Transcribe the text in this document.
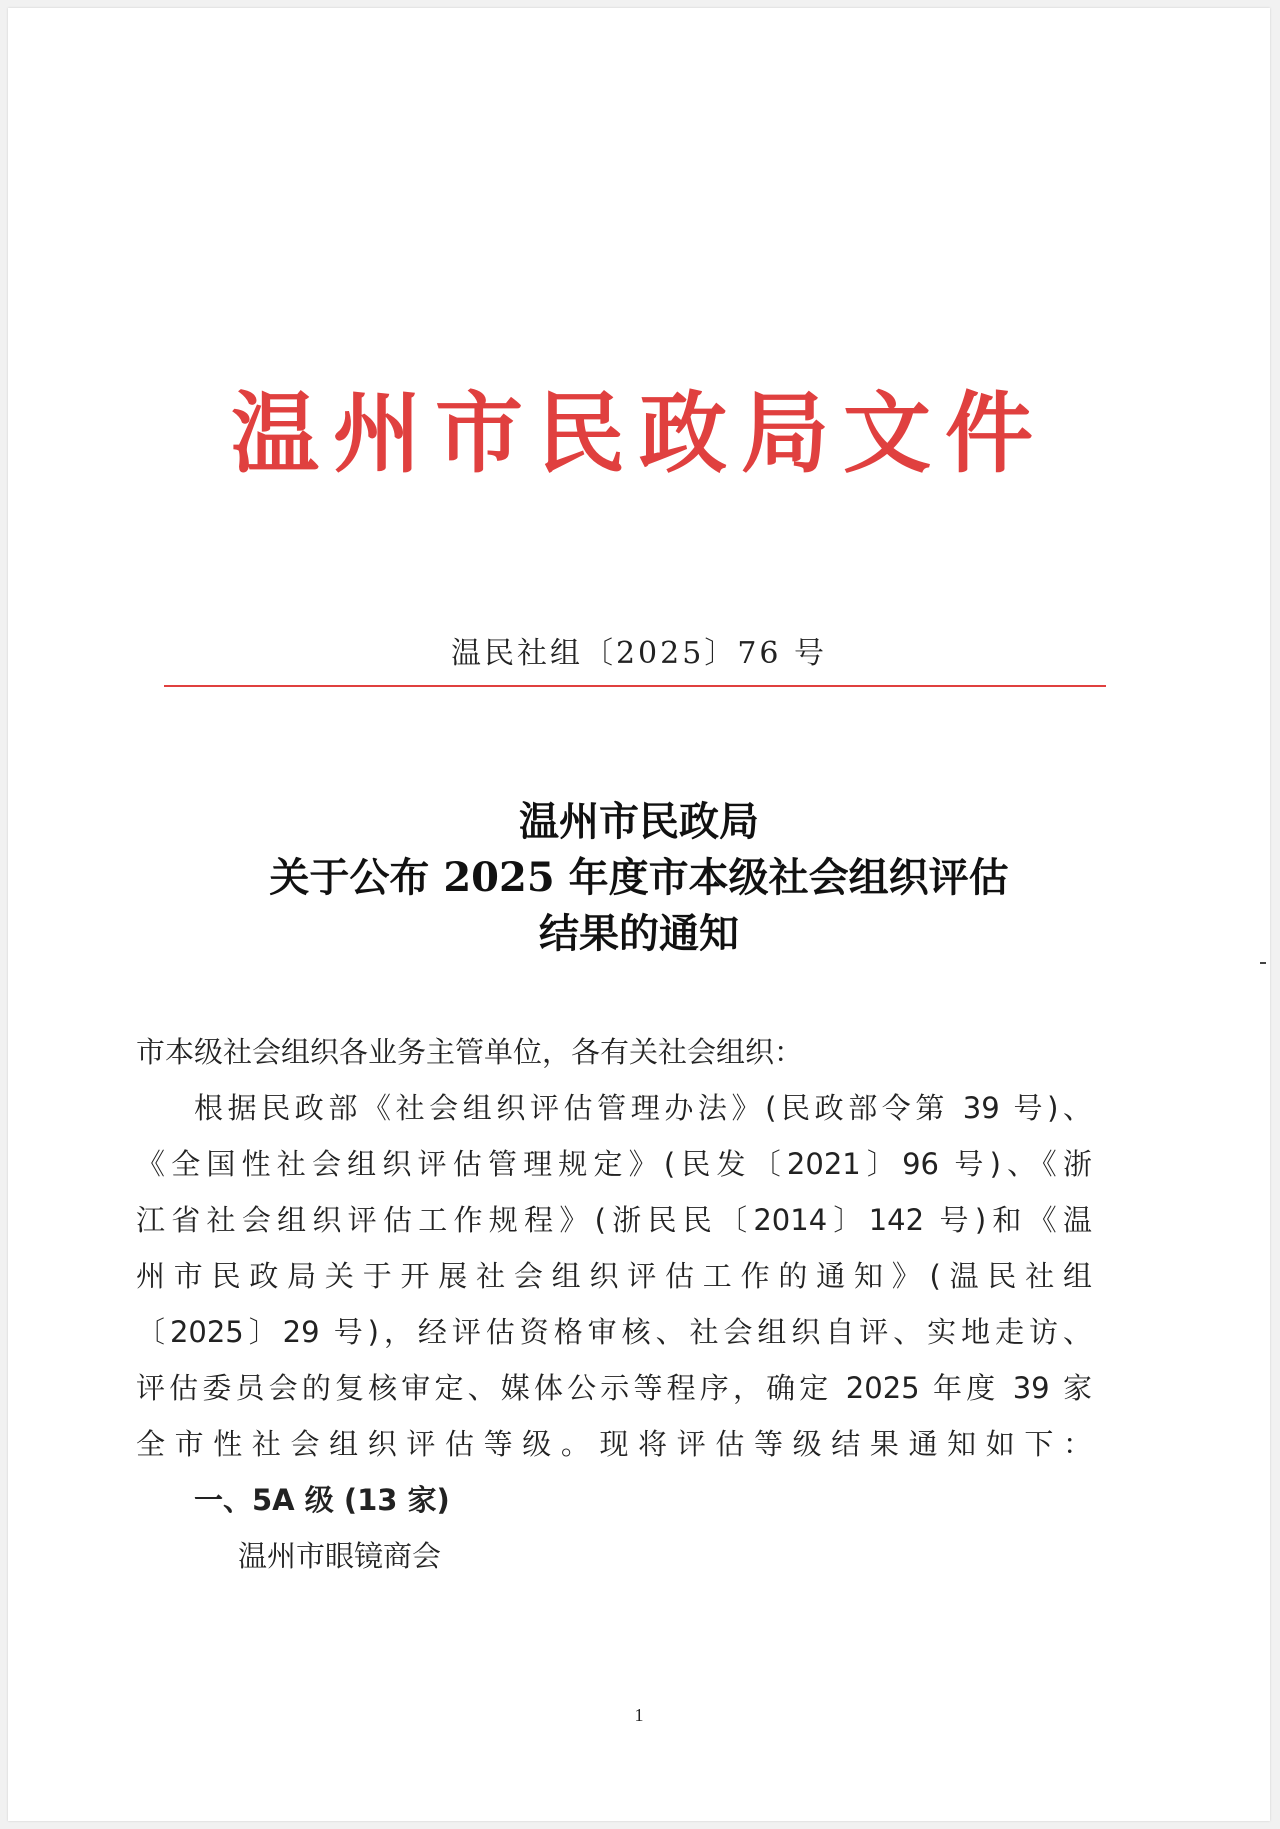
温州市民政局文件
温民社组〔2025〕76 号
温州市民政局
关于公布 2025 年度市本级社会组织评估
结果的通知
市本级社会组织各业务主管单位，各有关社会组织：
根据民政部《社会组织评估管理办法》(民政部令第 39 号)、
《全国性社会组织评估管理规定》(民发〔2021〕96 号)、《浙
江省社会组织评估工作规程》(浙民民〔2014〕142 号)和《温
州市民政局关于开展社会组织评估工作的通知》(温民社组
〔2025〕29 号)，经评估资格审核、社会组织自评、实地走访、
评估委员会的复核审定、媒体公示等程序，确定 2025 年度 39 家
全市性社会组织评估等级。现将评估等级结果通知如下：
一、5A 级 (13 家)
温州市眼镜商会
1
